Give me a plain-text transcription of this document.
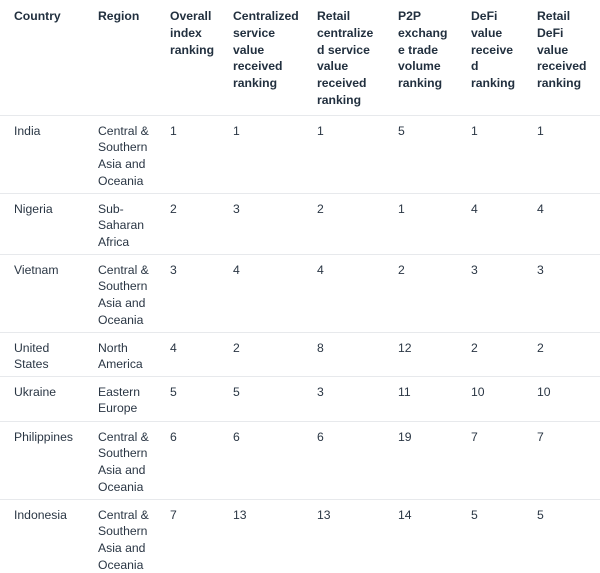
Country	Region	Overall index ranking	Centralized service value received ranking	Retail centralized service value received ranking	P2P exchange trade volume ranking	DeFi value received ranking	Retail DeFi value received ranking
India	Central & Southern Asia and Oceania	1	1	1	5	1	1
Nigeria	Sub-Saharan Africa	2	3	2	1	4	4
Vietnam	Central & Southern Asia and Oceania	3	4	4	2	3	3
United States	North America	4	2	8	12	2	2
Ukraine	Eastern Europe	5	5	3	11	10	10
Philippines	Central & Southern Asia and Oceania	6	6	6	19	7	7
Indonesia	Central & Southern Asia and Oceania	7	13	13	14	5	5
